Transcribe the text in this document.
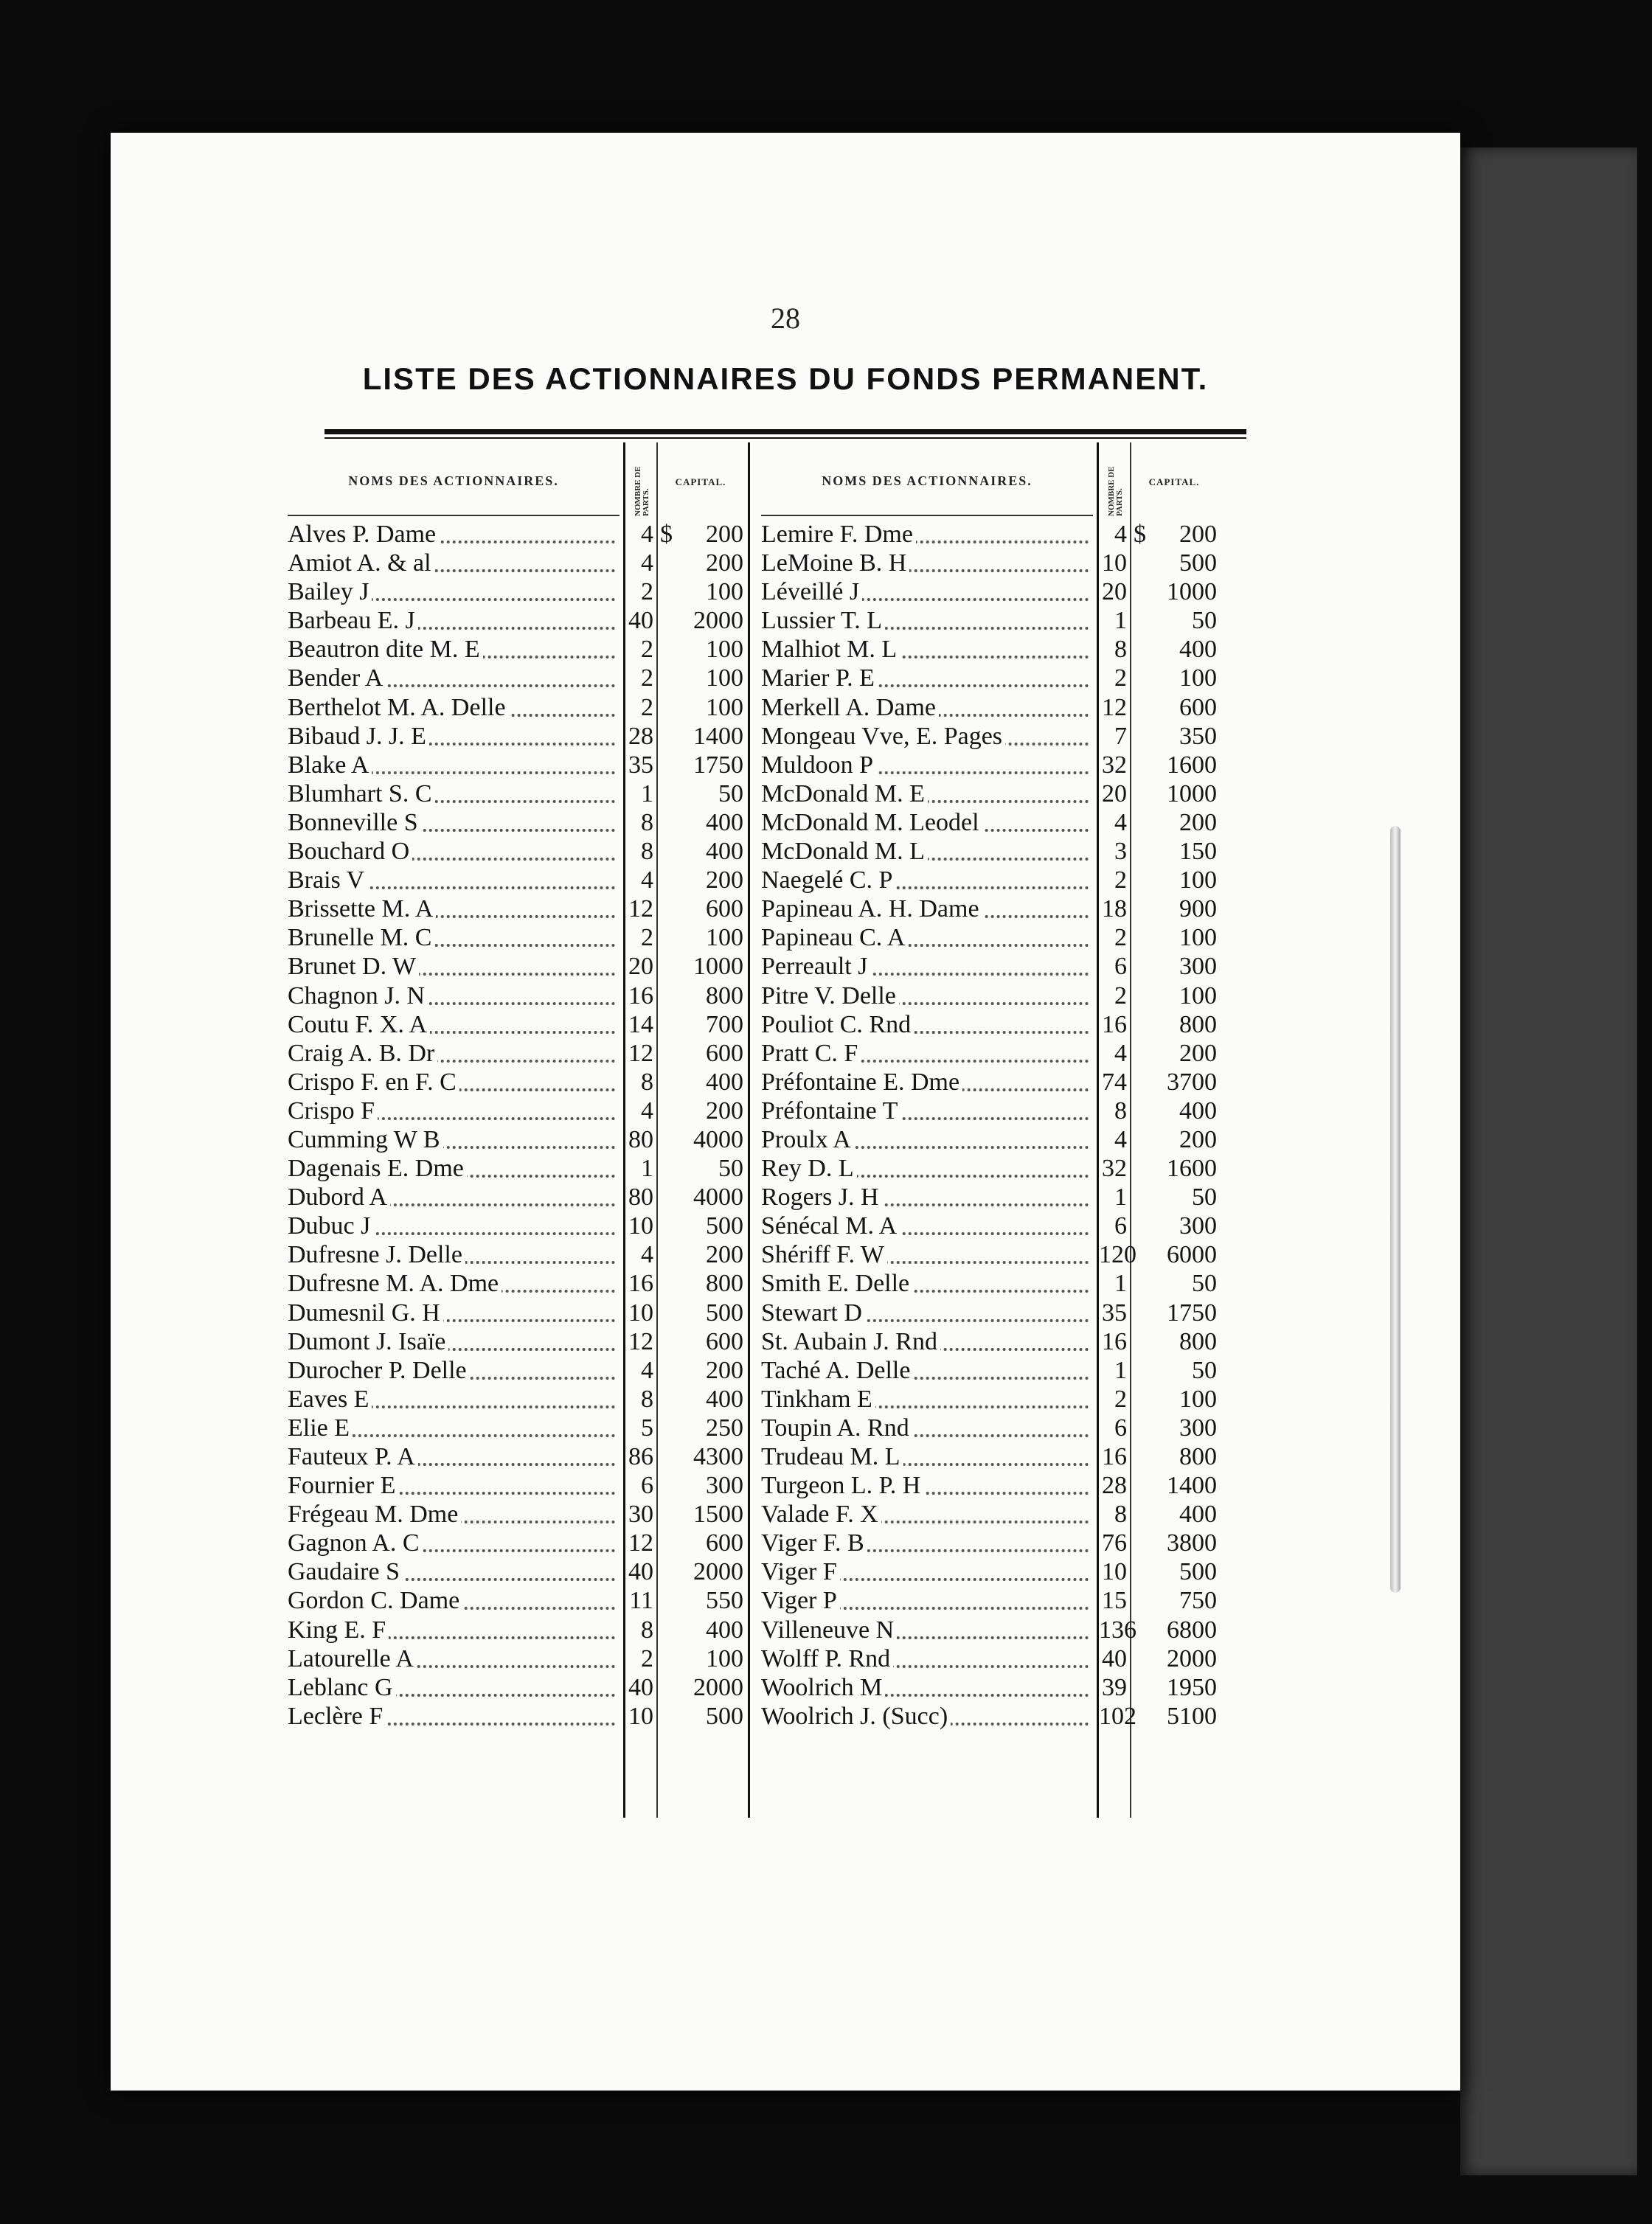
28
LISTE DES ACTIONNAIRES DU FONDS PERMANENT.
NOMS DES ACTIONNAIRES.	NOMBRE DE PARTS.
CAPITAL.
Alves P. Dame	4 $	200
Amiot A. & al	4	200
Bailey J	2	100
Barbeau E. J	40	2000
Beautron dite M. E	2	100
Bender A	2	100
Berthelot M. A. Delle	2	100
Bibaud J. J. E	28	1400
Blake A	35	1750
Blumhart S. C	1	50
Bonneville S	8	400
Bouchard O	8	400
Brais V	4	200
Brissette M. A	12	600
Brunelle M. C	2	100
Brunet D. W	20	1000
Chagnon J. N	16	800
Coutu F. X. A	14	700
Craig A. B. Dr	12	600
Crispo F. en F. C	8	400
Crispo F	4	200
Cumming W B	80	4000
Dagenais E. Dme	1	50
Dubord A	80	4000
Dubuc J	10	500
Dufresne J. Delle	4	200
Dufresne M. A. Dme	16	800
Dumesnil G. H	10	500
Dumont J. Isaïe	12	600
Durocher P. Delle	4	200
Eaves E	8	400
Elie E	5	250
Fauteux P. A	86	4300
Fournier E	6	300
Frégeau M. Dme	30	1500
Gagnon A. C	12	600
Gaudaire S	40	2000
Gordon C. Dame	11	550
King E. F	8	400
Latourelle A	2	100
Leblanc G	40	2000
Leclère F	10	500
NOMS DES ACTIONNAIRES.	NOMBRE DE PARTS.
CAPITAL.
Lemire F. Dme	4 $	200
LeMoine B. H	10	500
Léveillé J	20	1000
Lussier T. L	1	50
Malhiot M. L	8	400
Marier P. E	2	100
Merkell A. Dame	12	600
Mongeau Vve, E. Pages	7	350
Muldoon P	32	1600
McDonald M. E	20	1000
McDonald M. Leodel	4	200
McDonald M. L	3	150
Naegelé C. P	2	100
Papineau A. H. Dame	18	900
Papineau C. A	2	100
Perreault J	6	300
Pitre V. Delle	2	100
Pouliot C. Rnd	16	800
Pratt C. F	4	200
Préfontaine E. Dme	74	3700
Préfontaine T	8	400
Proulx A	4	200
Rey D. L	32	1600
Rogers J. H	1	50
Sénécal M. A	6	300
Shériff F. W	120	6000
Smith E. Delle	1	50
Stewart D	35	1750
St. Aubain J. Rnd	16	800
Taché A. Delle	1	50
Tinkham E	2	100
Toupin A. Rnd	6	300
Trudeau M. L	16	800
Turgeon L. P. H	28	1400
Valade F. X	8	400
Viger F. B	76	3800
Viger F	10	500
Viger P	15	750
Villeneuve N	136	6800
Wolff P. Rnd	40	2000
Woolrich M	39	1950
Woolrich J. (Succ)	102	5100
